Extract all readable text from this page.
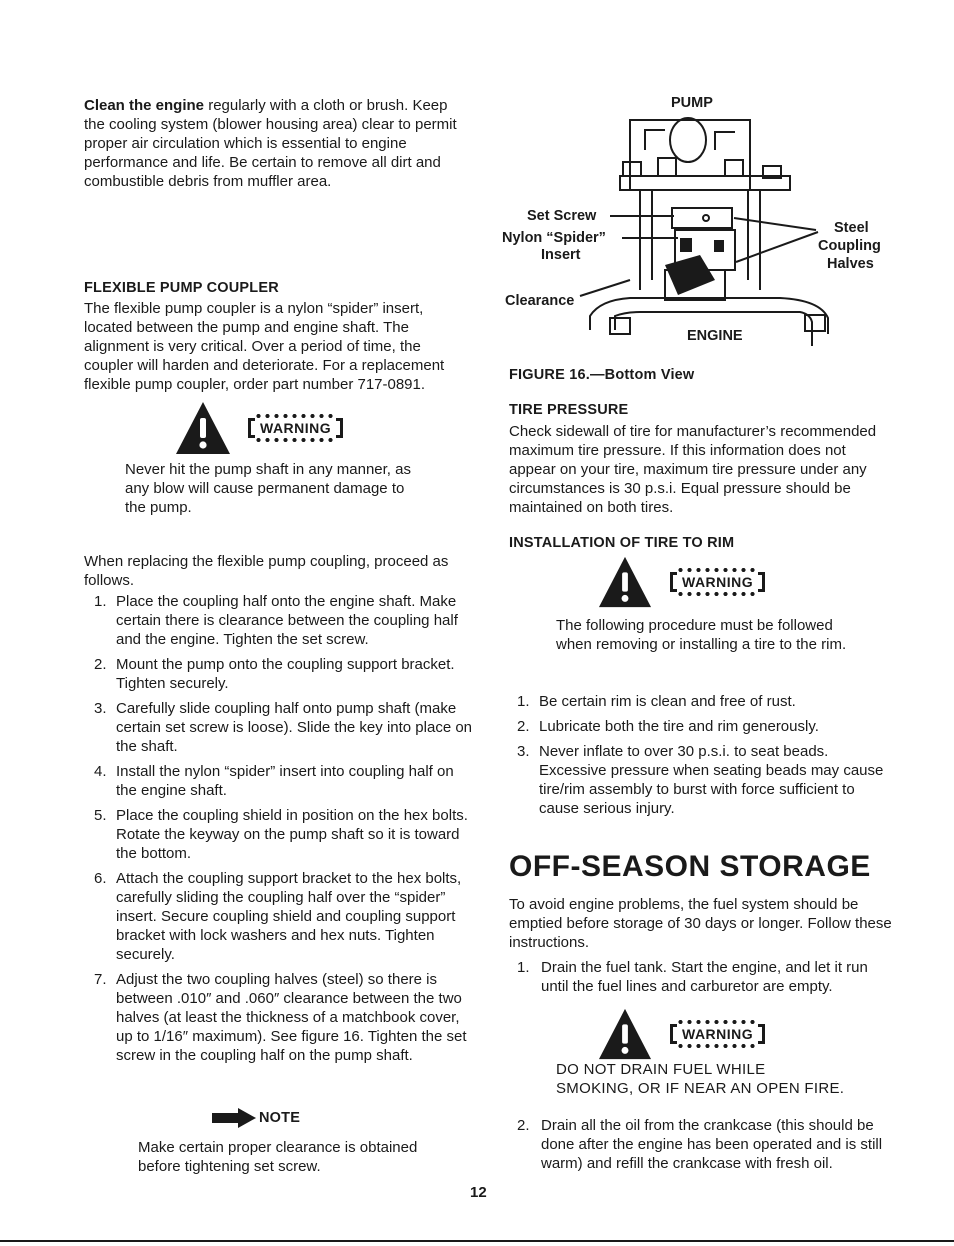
Clean the engine regularly with a cloth or brush. Keep the cooling system (blower housing area) clear to permit proper air circulation which is essential to engine performance and life. Be certain to remove all dirt and combustible debris from muffler area.

FLEXIBLE PUMP COUPLER

The flexible pump coupler is a nylon “spider” insert, located between the pump and engine shaft. The alignment is very critical. Over a period of time, the coupler will harden and deteriorate. For a replacement flexible pump coupler, order part number 717-0891.

WARNING

Never hit the pump shaft in any manner, as any blow will cause permanent damage to the pump.

When replacing the flexible pump coupling, proceed as follows.

1. Place the coupling half onto the engine shaft. Make certain there is clearance between the coupling half and the engine. Tighten the set screw.
2. Mount the pump onto the coupling support bracket. Tighten securely.
3. Carefully slide coupling half onto pump shaft (make certain set screw is loose). Slide the key into place on the shaft.
4. Install the nylon “spider” insert into coupling half on the engine shaft.
5. Place the coupling shield in position on the hex bolts. Rotate the keyway on the pump shaft so it is toward the bottom.
6. Attach the coupling support bracket to the hex bolts, carefully sliding the coupling half over the “spider” insert. Secure coupling shield and coupling support bracket with lock washers and hex nuts. Tighten securely.
7. Adjust the two coupling halves (steel) so there is between .010″ and .060″ clearance between the two halves (at least the thickness of a matchbook cover, up to 1/16″ maximum). See figure 16. Tighten the set screw in the coupling half on the pump shaft.
NOTE

Make certain proper clearance is obtained before tightening set screw.

PUMP
Set Screw
Nylon “Spider”
Insert
Steel
Coupling
Halves
Clearance
ENGINE
FIGURE 16.—Bottom View
TIRE PRESSURE

Check sidewall of tire for manufacturer’s recommended maximum tire pressure. If this information does not appear on your tire, maximum tire pressure under any circumstances is 30 p.s.i. Equal pressure should be maintained on both tires.

INSTALLATION OF TIRE TO RIM
WARNING

The following procedure must be followed when removing or installing a tire to the rim.

1. Be certain rim is clean and free of rust.
2. Lubricate both the tire and rim generously.
3. Never inflate to over 30 p.s.i. to seat beads. Excessive pressure when seating beads may cause tire/rim assembly to burst with force sufficient to cause serious injury.
OFF-SEASON STORAGE

To avoid engine problems, the fuel system should be emptied before storage of 30 days or longer. Follow these instructions.

1. Drain the fuel tank. Start the engine, and let it run until the fuel lines and carburetor are empty.
WARNING

DO NOT DRAIN FUEL WHILE SMOKING, OR IF NEAR AN OPEN FIRE.

2. Drain all the oil from the crankcase (this should be done after the engine has been operated and is still warm) and refill the crankcase with fresh oil.
12
